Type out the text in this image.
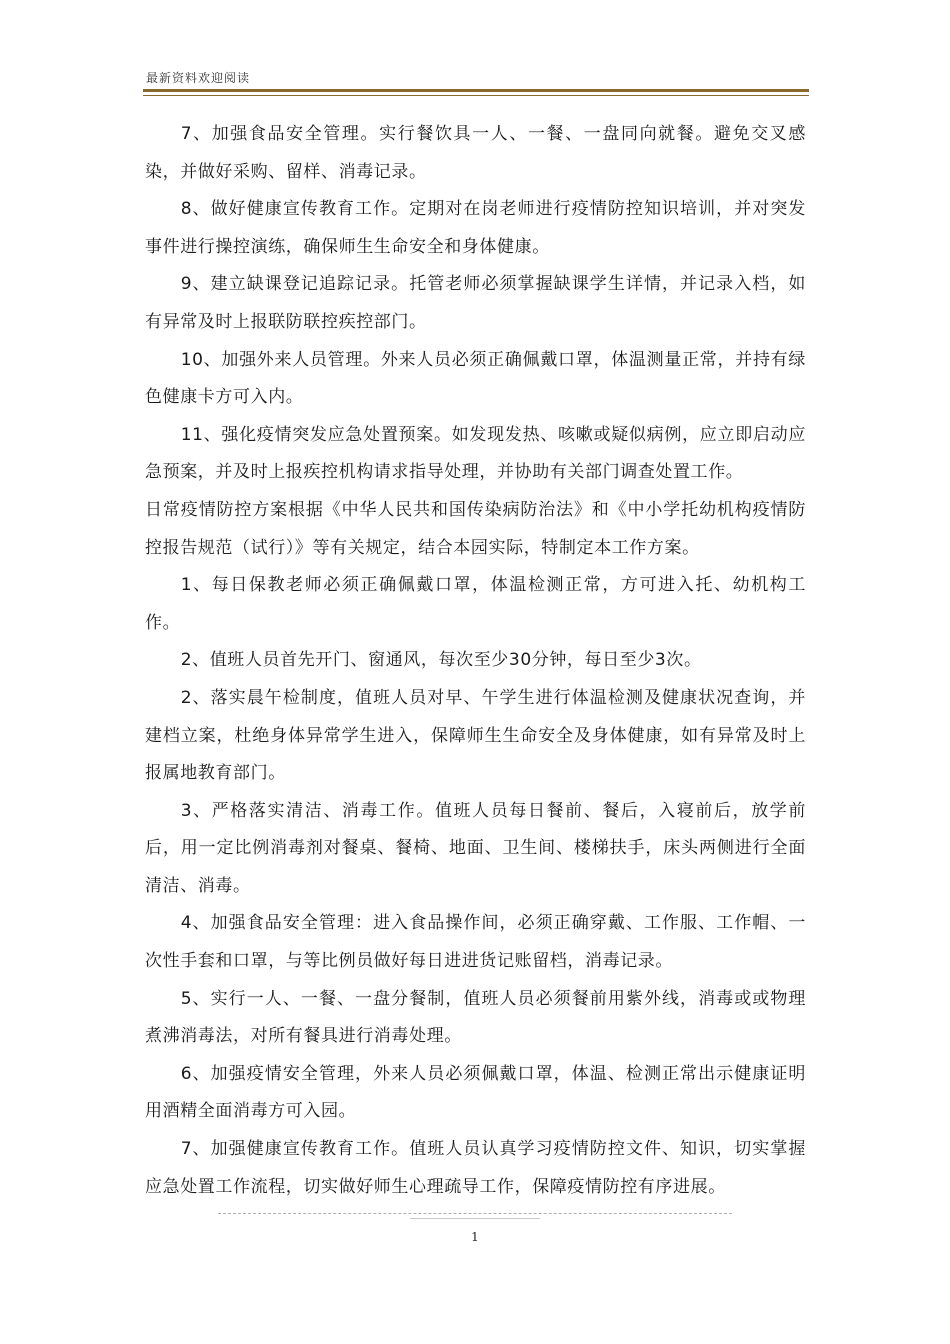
最新资料欢迎阅读

7、加强食品安全管理。实行餐饮具一人、一餐、一盘同向就餐。避免交叉感染，并做好采购、留样、消毒记录。

8、做好健康宣传教育工作。定期对在岗老师进行疫情防控知识培训，并对突发事件进行操控演练，确保师生生命安全和身体健康。

9、建立缺课登记追踪记录。托管老师必须掌握缺课学生详情，并记录入档，如有异常及时上报联防联控疾控部门。

10、加强外来人员管理。外来人员必须正确佩戴口罩，体温测量正常，并持有绿色健康卡方可入内。

11、强化疫情突发应急处置预案。如发现发热、咳嗽或疑似病例，应立即启动应急预案，并及时上报疾控机构请求指导处理，并协助有关部门调查处置工作。

日常疫情防控方案根据《中华人民共和国传染病防治法》和《中小学托幼机构疫情防控报告规范（试行）》等有关规定，结合本园实际，特制定本工作方案。

1、每日保教老师必须正确佩戴口罩，体温检测正常，方可进入托、幼机构工作。

2、值班人员首先开门、窗通风，每次至少30分钟，每日至少3次。

2、落实晨午检制度，值班人员对早、午学生进行体温检测及健康状况查询，并建档立案，杜绝身体异常学生进入，保障师生生命安全及身体健康，如有异常及时上报属地教育部门。

3、严格落实清洁、消毒工作。值班人员每日餐前、餐后，入寝前后，放学前后，用一定比例消毒剂对餐桌、餐椅、地面、卫生间、楼梯扶手，床头两侧进行全面清洁、消毒。

4、加强食品安全管理：进入食品操作间，必须正确穿戴、工作服、工作帽、一次性手套和口罩，与等比例员做好每日进进货记账留档，消毒记录。

5、实行一人、一餐、一盘分餐制，值班人员必须餐前用紫外线，消毒或或物理煮沸消毒法，对所有餐具进行消毒处理。

6、加强疫情安全管理，外来人员必须佩戴口罩，体温、检测正常出示健康证明用酒精全面消毒方可入园。

7、加强健康宣传教育工作。值班人员认真学习疫情防控文件、知识，切实掌握应急处置工作流程，切实做好师生心理疏导工作，保障疫情防控有序进展。

1
